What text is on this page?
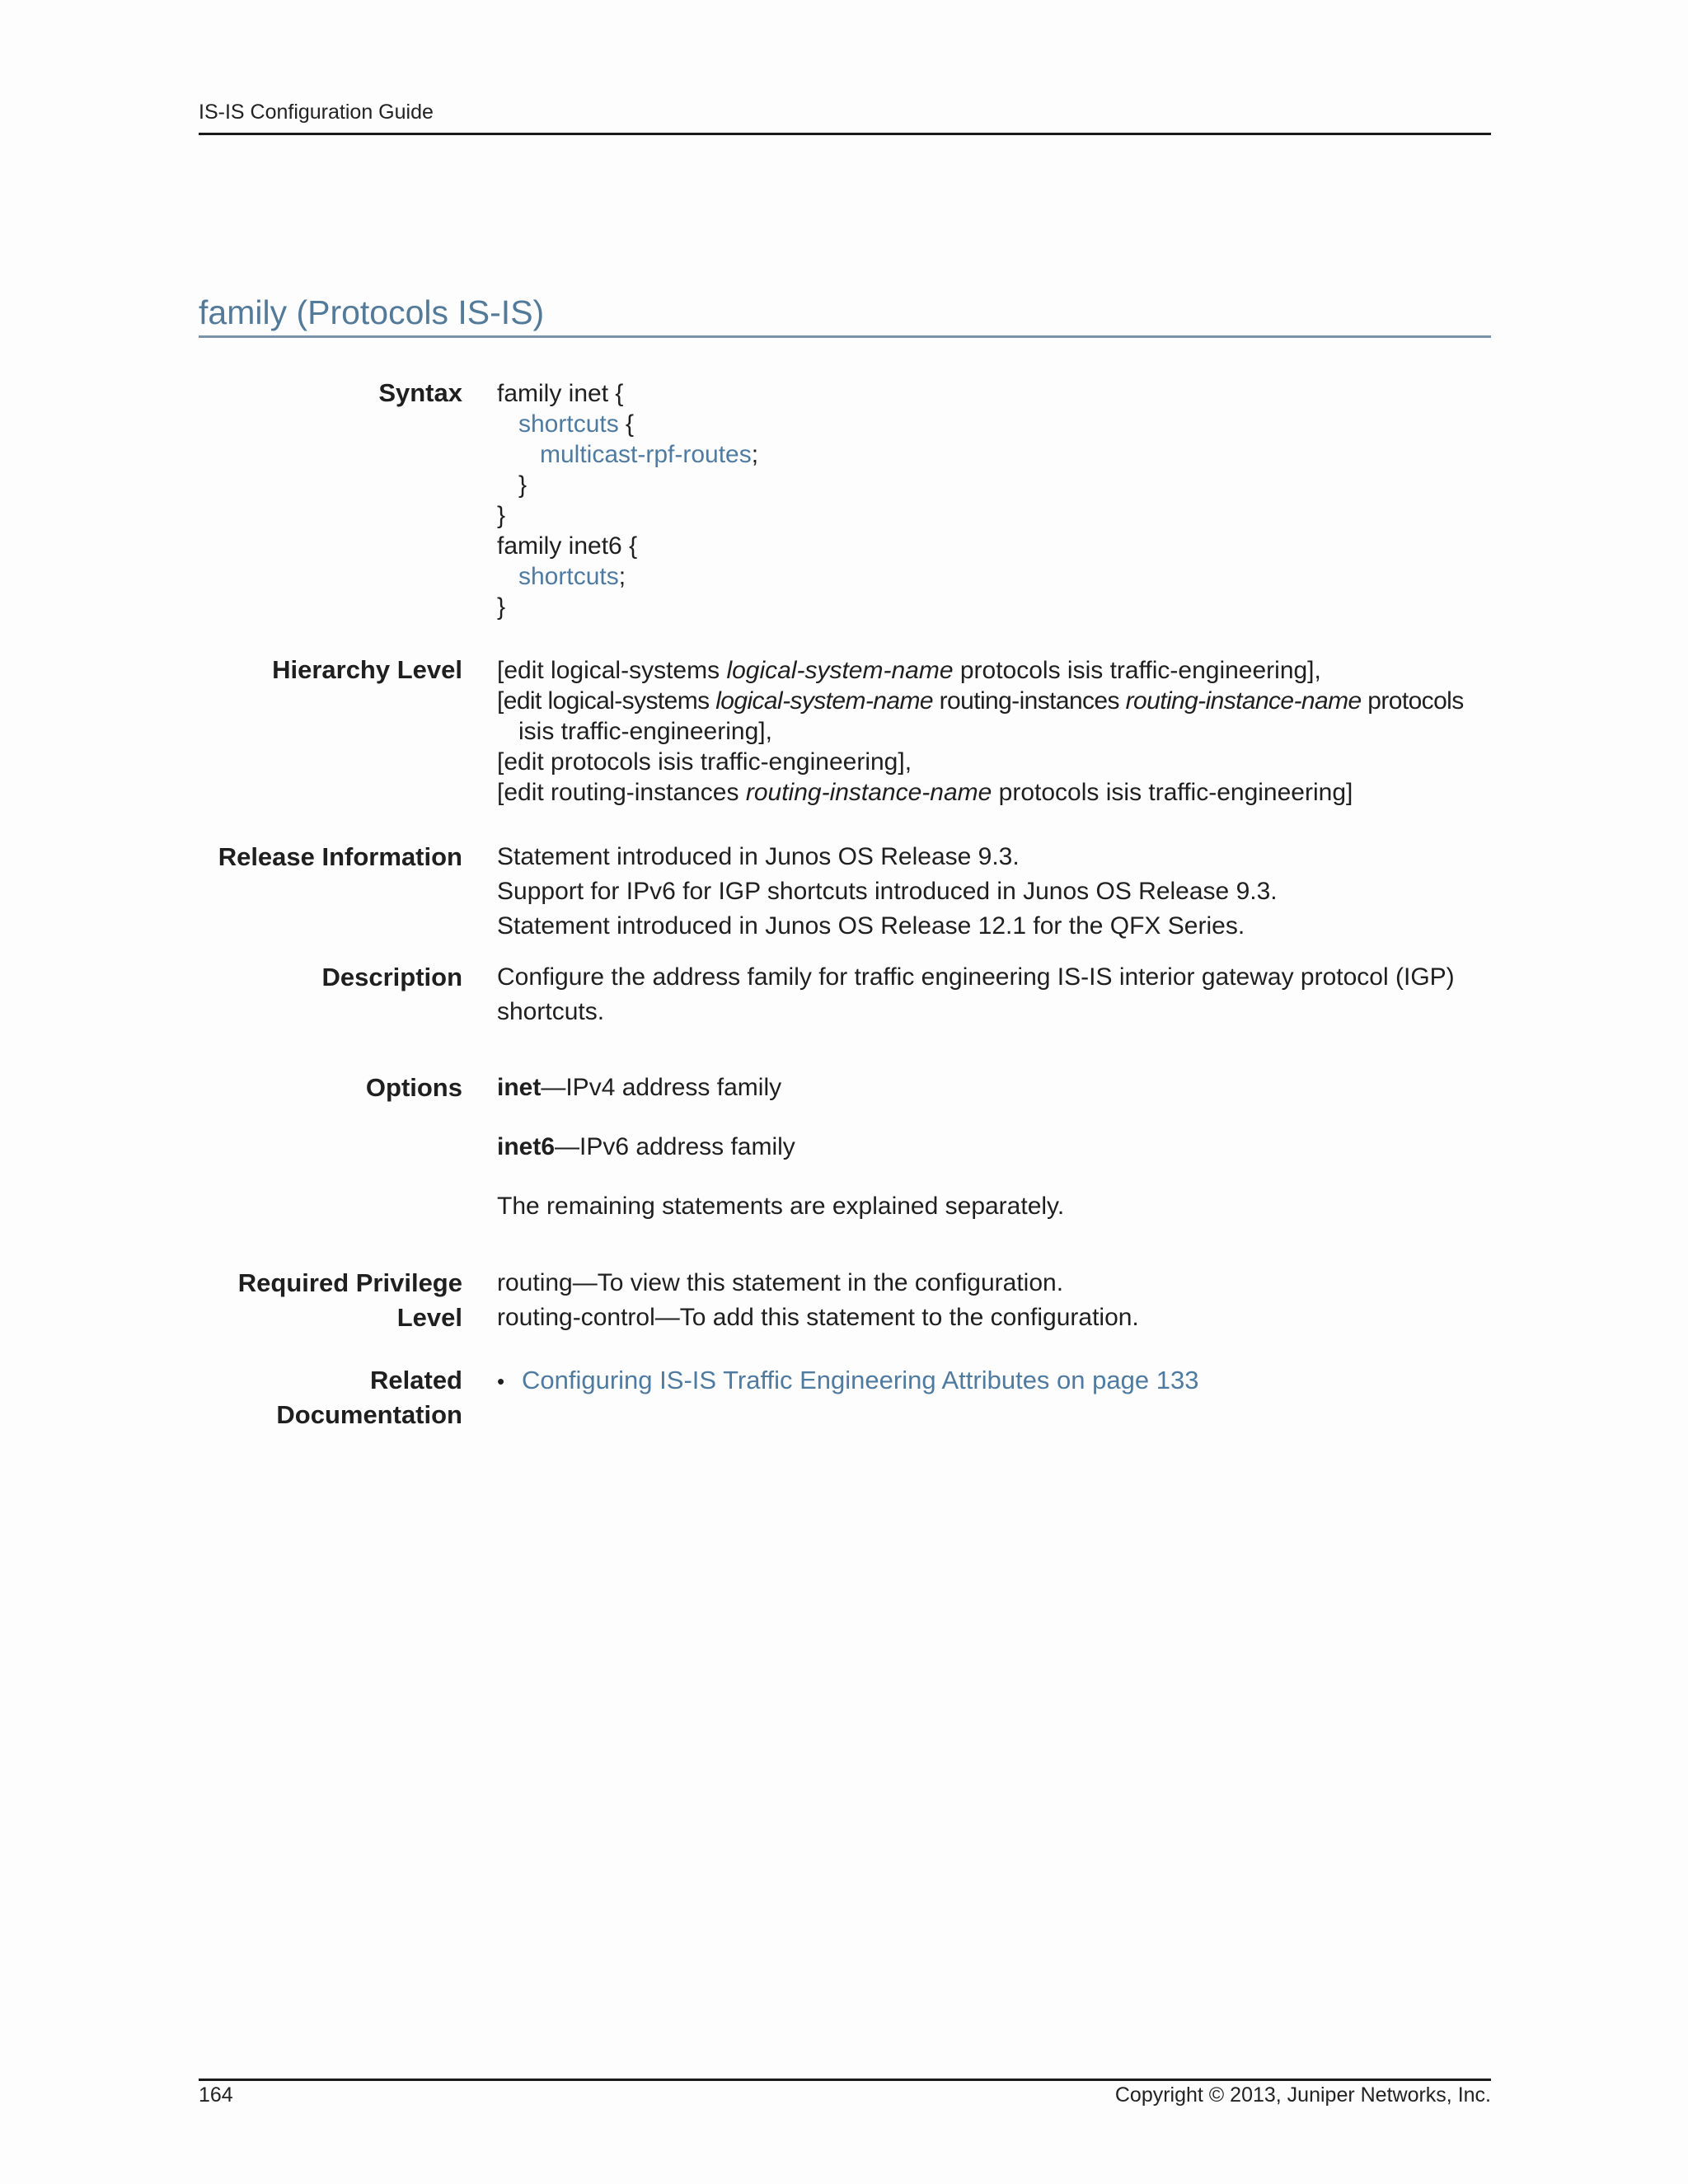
IS-IS Configuration Guide
family (Protocols IS-IS)
Syntax family inet {
shortcuts {
multicast-rpf-routes;
}
}
family inet6 {
shortcuts;
}
Hierarchy Level [edit logical-systems logical-system-name protocols isis traffic-engineering],
[edit logical-systems logical-system-name routing-instances routing-instance-name protocols
isis traffic-engineering],
[edit protocols isis traffic-engineering],
[edit routing-instances routing-instance-name protocols isis traffic-engineering]
Release Information Statement introduced in Junos OS Release 9.3.

Support for IPv6 for IGP shortcuts introduced in Junos OS Release 9.3.

Statement introduced in Junos OS Release 12.1 for the QFX Series.

Description Configure the address family for traffic engineering IS-IS interior gateway protocol (IGP) shortcuts.
Options inet—IPv4 address family

inet6—IPv6 address family

The remaining statements are explained separately.

Required Privilege
Level

routing—To view this statement in the configuration.

routing-control—To add this statement to the configuration.

Related
Documentation
• Configuring IS-IS Traffic Engineering Attributes on page 133
164	Copyright © 2013, Juniper Networks, Inc.
